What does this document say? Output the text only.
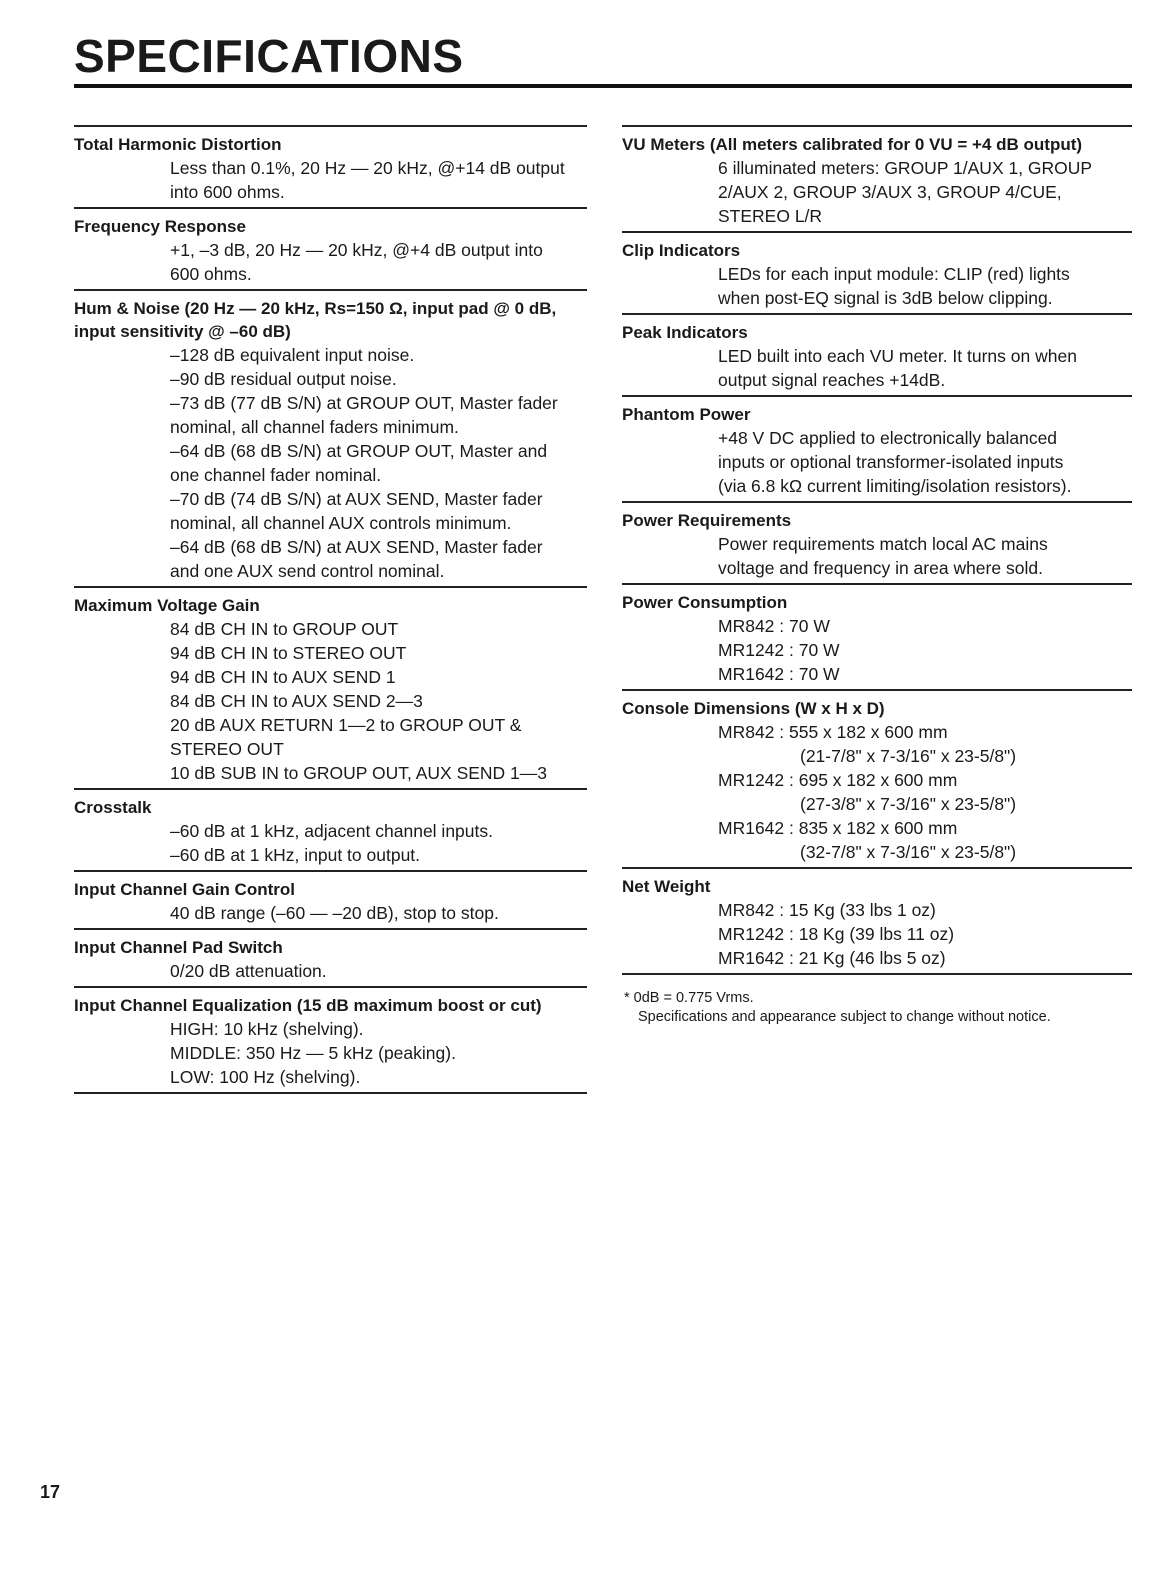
SPECIFICATIONS
Total Harmonic Distortion
Less than 0.1%, 20 Hz — 20 kHz, @+14 dB output
into 600 ohms.
Frequency Response
+1, –3 dB, 20 Hz — 20 kHz, @+4 dB output into
600 ohms.
Hum & Noise (20 Hz — 20 kHz, Rs=150 Ω, input pad @ 0 dB,
input sensitivity @ –60 dB)
–128 dB equivalent input noise.
–90 dB residual output noise.
–73 dB (77 dB S/N) at GROUP OUT, Master fader
nominal, all channel faders minimum.
–64 dB (68 dB S/N) at GROUP OUT, Master and
one channel fader nominal.
–70 dB (74 dB S/N) at AUX SEND, Master fader
nominal, all channel AUX controls minimum.
–64 dB (68 dB S/N) at AUX SEND, Master fader
and one AUX send control nominal.
Maximum Voltage Gain
84 dB CH IN to GROUP OUT
94 dB CH IN to STEREO OUT
94 dB CH IN to AUX SEND 1
84 dB CH IN to AUX SEND 2—3
20 dB AUX RETURN 1—2 to GROUP OUT &
STEREO OUT
10 dB SUB IN to GROUP OUT, AUX SEND 1—3
Crosstalk
–60 dB at 1 kHz, adjacent channel inputs.
–60 dB at 1 kHz, input to output.
Input Channel Gain Control
40 dB range (–60 — –20 dB), stop to stop.
Input Channel Pad Switch
0/20 dB attenuation.
Input Channel Equalization (15 dB maximum boost or cut)
HIGH: 10 kHz (shelving).
MIDDLE: 350 Hz — 5 kHz (peaking).
LOW: 100 Hz (shelving).
VU Meters (All meters calibrated for 0 VU = +4 dB output)
6 illuminated meters: GROUP 1/AUX 1, GROUP
2/AUX 2, GROUP 3/AUX 3, GROUP 4/CUE,
STEREO L/R
Clip Indicators
LEDs for each input module: CLIP (red) lights
when post-EQ signal is 3dB below clipping.
Peak Indicators
LED built into each VU meter. It turns on when
output signal reaches +14dB.
Phantom Power
+48 V DC applied to electronically balanced
inputs or optional transformer-isolated inputs
(via 6.8 kΩ current limiting/isolation resistors).
Power Requirements
Power requirements match local AC mains
voltage and frequency in area where sold.
Power Consumption
MR842 : 70 W
MR1242 : 70 W
MR1642 : 70 W
Console Dimensions (W x H x D)
MR842 : 555 x 182 x 600 mm
(21-7/8" x 7-3/16" x 23-5/8")
MR1242 : 695 x 182 x 600 mm
(27-3/8" x 7-3/16" x 23-5/8")
MR1642 : 835 x 182 x 600 mm
(32-7/8" x 7-3/16" x 23-5/8")
Net Weight
MR842 : 15 Kg (33 lbs 1 oz)
MR1242 : 18 Kg (39 lbs 11 oz)
MR1642 : 21 Kg (46 lbs 5 oz)
* 0dB = 0.775 Vrms.
Specifications and appearance subject to change without notice.
17
